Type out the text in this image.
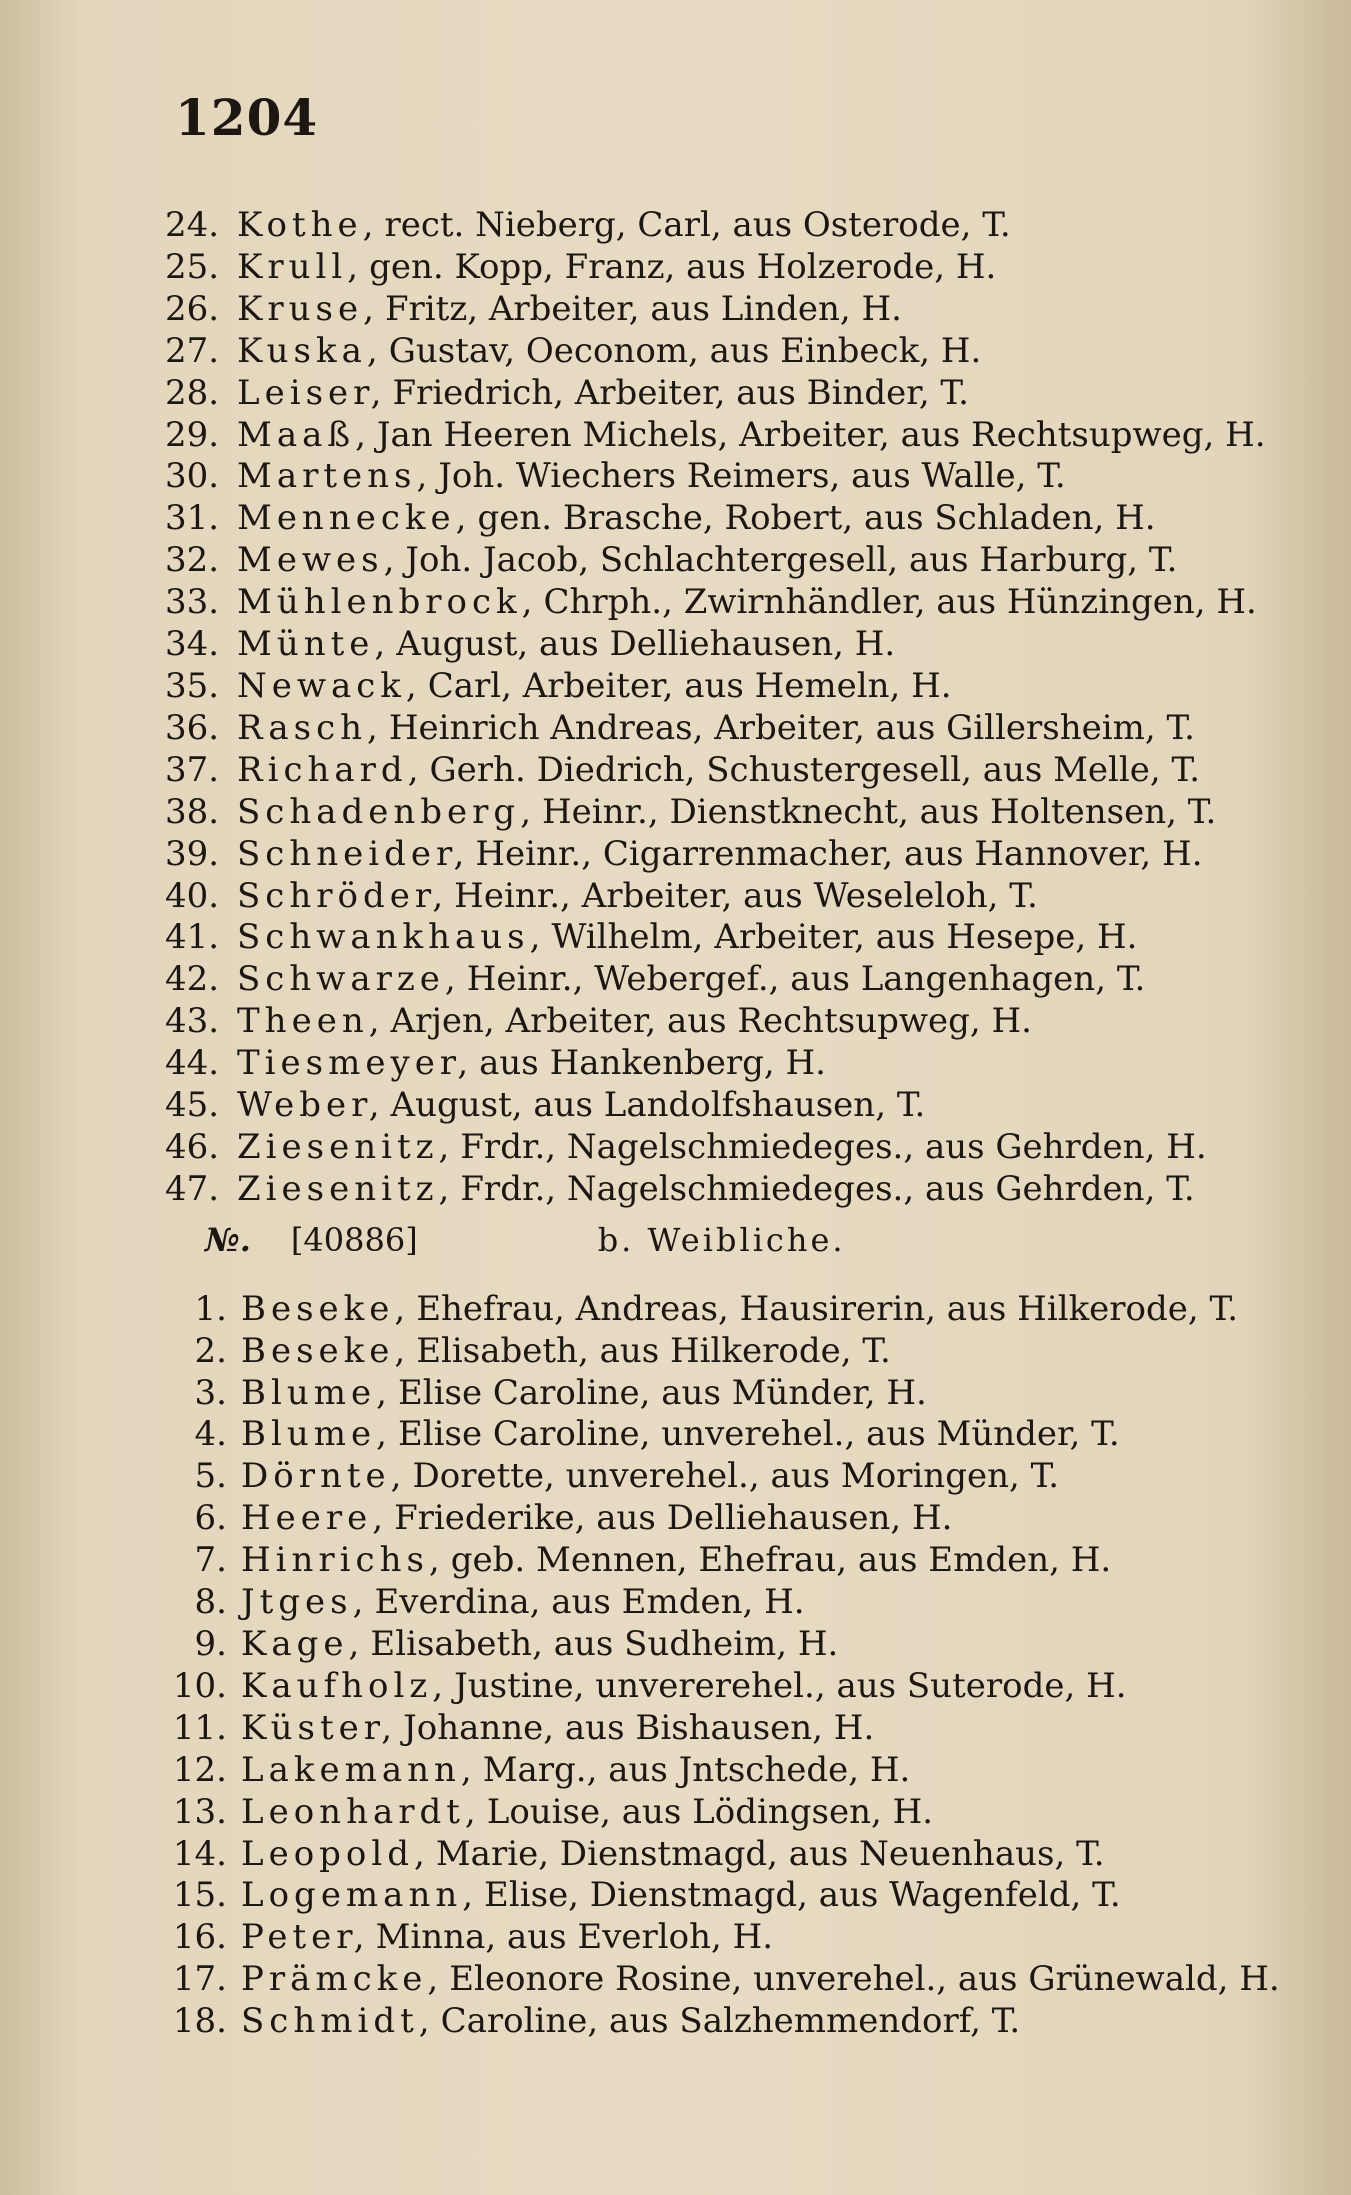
1204
24. Kothe, rect. Nieberg, Carl, aus Osterode, T.
25. Krull, gen. Kopp, Franz, aus Holzerode, H.
26. Kruse, Fritz, Arbeiter, aus Linden, H.
27. Kuska, Gustav, Oeconom, aus Einbeck, H.
28. Leiser, Friedrich, Arbeiter, aus Binder, T.
29. Maaß, Jan Heeren Michels, Arbeiter, aus Rechtsupweg, H.
30. Martens, Joh. Wiechers Reimers, aus Walle, T.
31. Mennecke, gen. Brasche, Robert, aus Schladen, H.
32. Mewes, Joh. Jacob, Schlachtergesell, aus Harburg, T.
33. Mühlenbrock, Chrph., Zwirnhändler, aus Hünzingen, H.
34. Münte, August, aus Delliehausen, H.
35. Newack, Carl, Arbeiter, aus Hemeln, H.
36. Rasch, Heinrich Andreas, Arbeiter, aus Gillersheim, T.
37. Richard, Gerh. Diedrich, Schustergesell, aus Melle, T.
38. Schadenberg, Heinr., Dienstknecht, aus Holtensen, T.
39. Schneider, Heinr., Cigarrenmacher, aus Hannover, H.
40. Schröder, Heinr., Arbeiter, aus Weseleloh, T.
41. Schwankhaus, Wilhelm, Arbeiter, aus Hesepe, H.
42. Schwarze, Heinr., Webergef., aus Langenhagen, T.
43. Theen, Arjen, Arbeiter, aus Rechtsupweg, H.
44. Tiesmeyer, aus Hankenberg, H.
45. Weber, August, aus Landolfshausen, T.
46. Ziesenitz, Frdr., Nagelschmiedeges., aus Gehrden, H.
47. Ziesenitz, Frdr., Nagelschmiedeges., aus Gehrden, T.
№. [40886]	b. Weibliche.
1. Beseke, Ehefrau, Andreas, Hausirerin, aus Hilkerode, T.
2. Beseke, Elisabeth, aus Hilkerode, T.
3. Blume, Elise Caroline, aus Münder, H.
4. Blume, Elise Caroline, unverehel., aus Münder, T.
5. Dörnte, Dorette, unverehel., aus Moringen, T.
6. Heere, Friederike, aus Delliehausen, H.
7. Hinrichs, geb. Mennen, Ehefrau, aus Emden, H.
8. Jtges, Everdina, aus Emden, H.
9. Kage, Elisabeth, aus Sudheim, H.
10. Kaufholz, Justine, unvererehel., aus Suterode, H.
11. Küster, Johanne, aus Bishausen, H.
12. Lakemann, Marg., aus Jntschede, H.
13. Leonhardt, Louise, aus Lödingsen, H.
14. Leopold, Marie, Dienstmagd, aus Neuenhaus, T.
15. Logemann, Elise, Dienstmagd, aus Wagenfeld, T.
16. Peter, Minna, aus Everloh, H.
17. Prämcke, Eleonore Rosine, unverehel., aus Grünewald, H.
18. Schmidt, Caroline, aus Salzhemmendorf, T.
